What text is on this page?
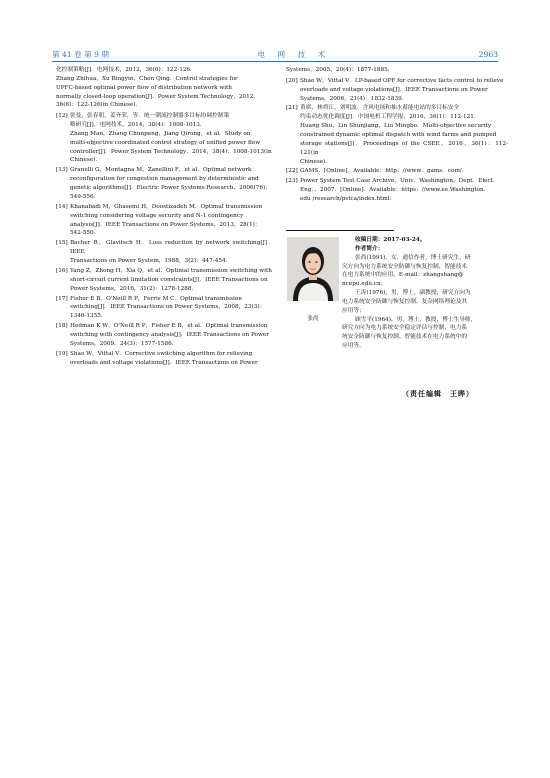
第 41 卷 第 9 期	电 网 技 术	2963
化控制策略[J]．电网技术，2012，36(6)：122-126．
Zhang Zhihua，Xu Bingyin，Chen Qing．Control strategies for
UPFC-based optimal power flow of distribution network with
normally closed-loop operation[J]．Power System Technology，2012，
36(6)：122-126(in Chinese).
[12] 张曼，张春朋，姜齐荣，等．统一潮流控制器多目标协调控制策
略研究[J]．电网技术，2014，38(4)：1008-1013．
Zhang Man，Zhang Chunpeng，Jiang Qirong，et al．Study on
multi-objective coordinated control strategy of unified power flow
controller[J]．Power System Technology，2014，38(4)：1008-1013(in
Chinese).
[13] Granelli G，Montagna M，Zanellini F，et al．Optimal network
reconfiguration for congestion management by deterministic and
genetic algorithms[J]．Electric Power Systems Research，2006(76)：
549-556．
[14] Khanabadi M，Ghasemi H，Doostizadeh M．Optimal transmission
switching considering voltage security and N-1 contingency
analysis[J]．IEEE Transactions on Power Systems，2013，28(1)：
542-550．
[15] Bacher R，Glavitsch H．Loss reduction by network switching[J]．IEEE
Transactions on Power System，1988，3(2)：447-454．
[16] Yang Z，Zhong H，Xia Q，et al．Optimal transmission switching with
short-circuit current limitation constraints[J]．IEEE Transactions on
Power Systems，2016，31(2)：1278-1288．
[17] Fisher E B，O'Neill R P，Ferris M C．Optimal transmission
switching[J]．IEEE Transactions on Power Systems，2008，23(3)：
1346-1355．
[18] Hedman K W，O'Neill R P，Fisher E B，et al．Optimal transmission
switching with contingency analysis[J]．IEEE Transactions on Power
Systems，2009，24(3)：1577-1586．
[19] Shao W，Vittal V．Corrective switching algorithm for relieving
overloads and voltage violations[J]．IEEE Transactions on Power
Systems，2005，20(4)：1877-1885．
[20] Shao W，Vittal V．LP-based OPF for corrective facts control to relieve
overloads and voltage violations[J]．IEEE Transactions on Power
Systems，2006，21(4)：1832-1839．
[21] 黄席，林舜江，刘明波．含风电场和抽水蓄能电站的多目标安全
约束动态优化调度[J]．中国电机工程学报，2016，36(1)：112-121．
Huang Shu，Lin Shunjiang，Liu Mingbo．Multi-objective security
constrained dynamic optimal dispatch with wind farms and pumped
storage stations[J]．Proceedings of the CSEE，2016，36(1)：112-121(in
Chinese).
[22] GAMS．[Online]．Available：http：//www．gams．com/．
[23] Power System Test Case Archive，Univ．Washington，Dept．Elect．
Eng．，2007．[Online]．Available：https：//www.ee.Washington.
edu /research/pstca/index.html．
张尚
收稿日期：2017-03-24。
作者简介：
张尚(1991)，女，通信作者，博士研究生，研
究方向为电力系统安全防御与恢复控制、智能技术
在电力系统中的应用，E-mail：zhangshang@
ncepu.edu.cn；
王涛(1976)，男，博士，副教授，研究方向为
电力系统安全防御与恢复控制、复杂网络理论及其
应用等；
顾雪平(1964)，男，博士，教授，博士生导师，
研究方向为电力系统安全稳定评估与控制、电力系
统安全防御与恢复控制、智能技术在电力系统中的
应用等。
（责任编辑　王晔）
